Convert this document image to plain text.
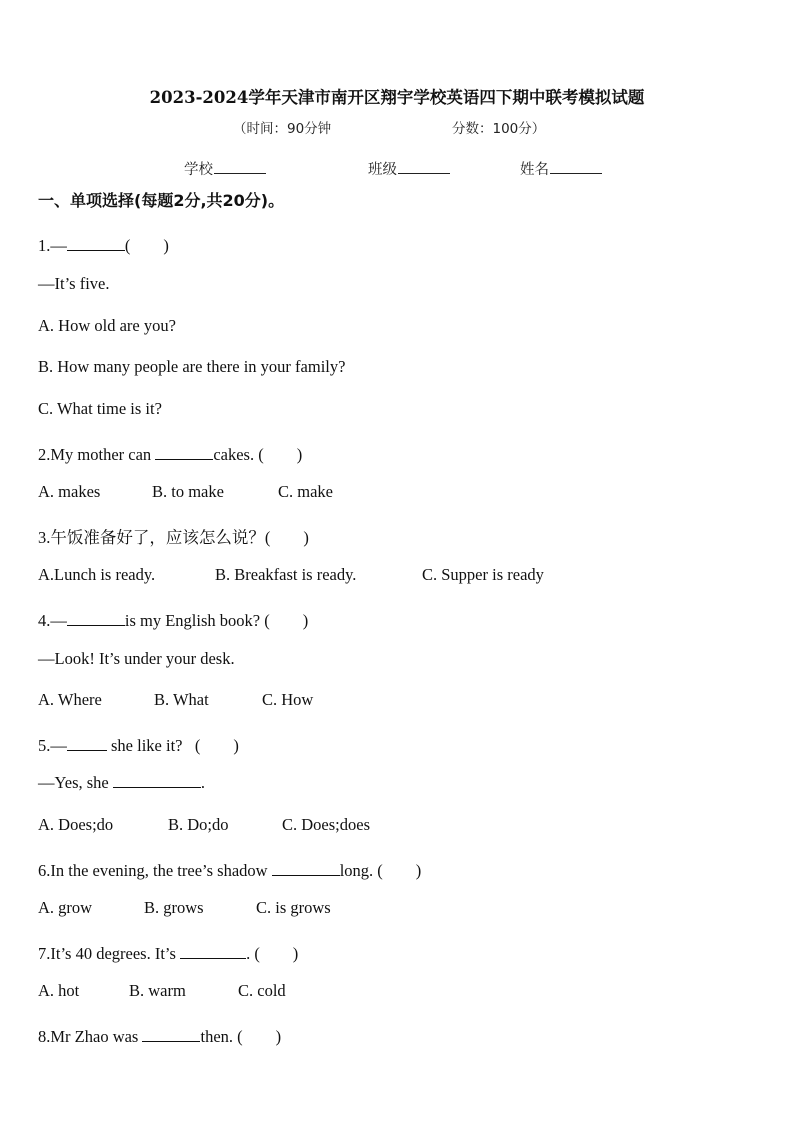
2023-2024学年天津市南开区翔宇学校英语四下期中联考模拟试题
（时间：90分钟	分数：100分）
学校	班级	姓名
一、单项选择(每题2分,共20分)。
1.—	(　　)
—It’s five.
A. How old are you?
B. How many people are there in your family?
C. What time is it?
2.My mother can	cakes. (　　)
A. makes	B. to make	C. make
3.午饭准备好了，应该怎么说？(　　)
A.Lunch is ready.	B. Breakfast is ready.	C. Supper is ready
4.—	is my English book? (　　)
—Look! It’s under your desk.
A. Where	B. What	C. How
5.— she like it?   (　　)
—Yes, she	.
A. Does;do	B. Do;do	C. Does;does
6.In the evening, the tree’s shadow	long. (　　)
A. grow	B. grows	C. is grows
7.It’s 40 degrees. It’s	. (　　)
A. hot	B. warm	C. cold
8.Mr Zhao was	then. (　　)
